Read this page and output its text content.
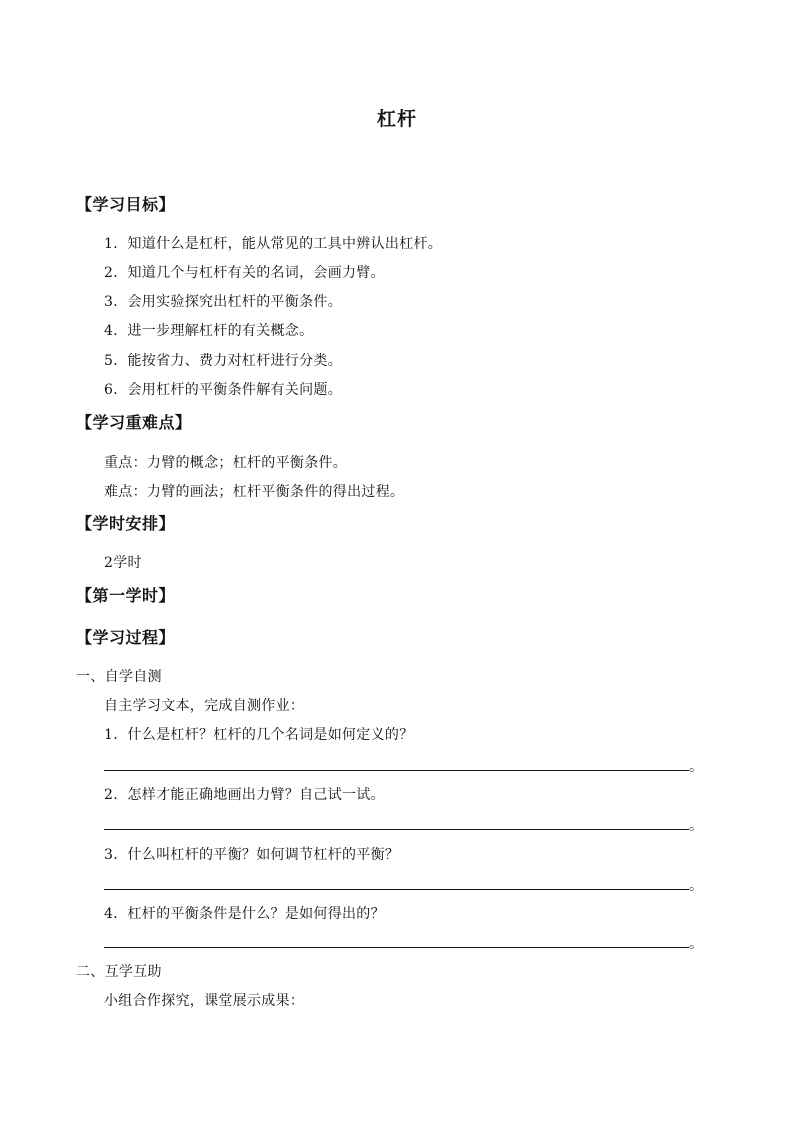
杠杆
【学习目标】
1．知道什么是杠杆，能从常见的工具中辨认出杠杆。
2．知道几个与杠杆有关的名词，会画力臂。
3．会用实验探究出杠杆的平衡条件。
4．进一步理解杠杆的有关概念。
5．能按省力、费力对杠杆进行分类。
6．会用杠杆的平衡条件解有关问题。
【学习重难点】
重点：力臂的概念；杠杆的平衡条件。
难点：力臂的画法；杠杆平衡条件的得出过程。
【学时安排】
2学时
【第一学时】
【学习过程】
一、自学自测
自主学习文本，完成自测作业：
1．什么是杠杆？杠杆的几个名词是如何定义的？
。
2．怎样才能正确地画出力臂？自己试一试。
。
3．什么叫杠杆的平衡？如何调节杠杆的平衡？
。
4．杠杆的平衡条件是什么？是如何得出的？
。
二、互学互助
小组合作探究，课堂展示成果：
